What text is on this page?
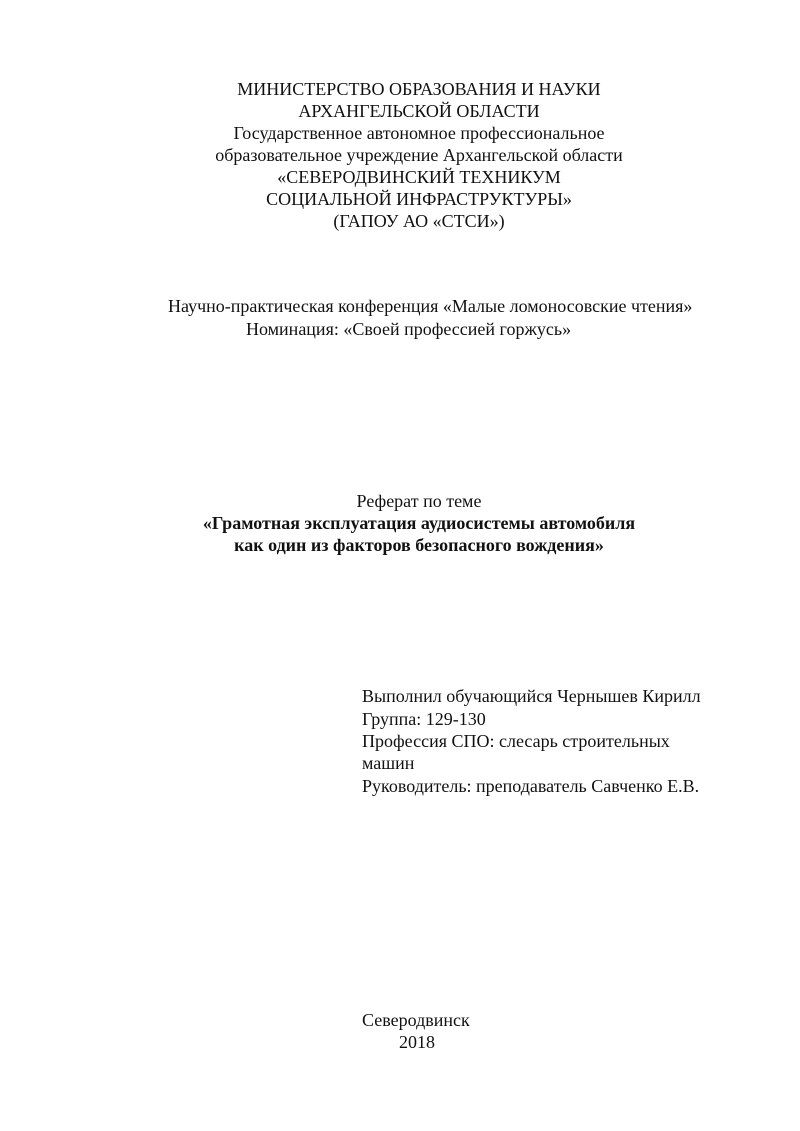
МИНИСТЕРСТВО ОБРАЗОВАНИЯ И НАУКИ
АРХАНГЕЛЬСКОЙ ОБЛАСТИ
Государственное автономное профессиональное
образовательное учреждение Архангельской области
«СЕВЕРОДВИНСКИЙ ТЕХНИКУМ
СОЦИАЛЬНОЙ ИНФРАСТРУКТУРЫ»
(ГАПОУ АО «СТСИ»)
Научно-практическая конференция «Малые ломоносовские чтения»
Номинация: «Своей профессией горжусь»
Реферат по теме
«Грамотная эксплуатация аудиосистемы автомобиля
как один из факторов безопасного вождения»
Выполнил обучающийся Чернышев Кирилл
Группа: 129-130
Профессия СПО: слесарь строительных
машин
Руководитель: преподаватель Савченко Е.В.
Северодвинск
2018
